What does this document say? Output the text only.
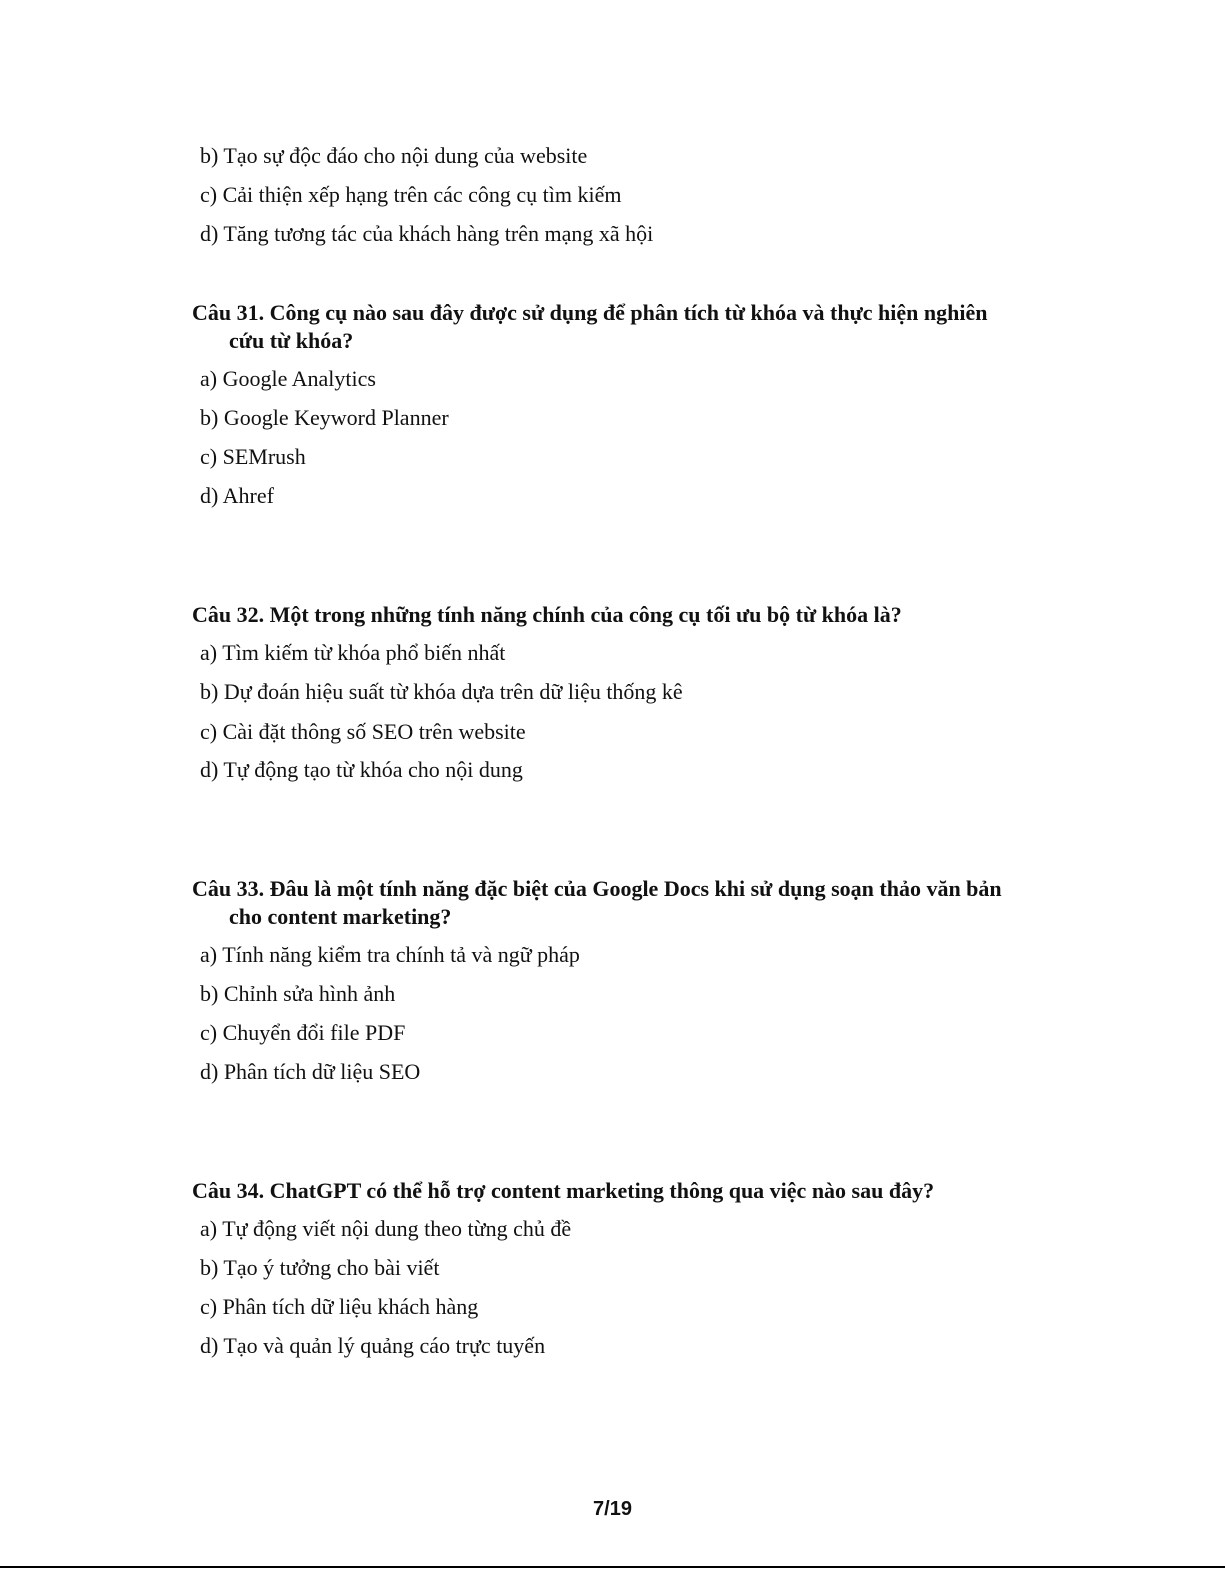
b) Tạo sự độc đáo cho nội dung của website
c) Cải thiện xếp hạng trên các công cụ tìm kiếm
d) Tăng tương tác của khách hàng trên mạng xã hội
Câu 31. Công cụ nào sau đây được sử dụng để phân tích từ khóa và thực hiện nghiên
cứu từ khóa?
a) Google Analytics
b) Google Keyword Planner
c) SEMrush
d) Ahref
Câu 32. Một trong những tính năng chính của công cụ tối ưu bộ từ khóa là?
a) Tìm kiếm từ khóa phổ biến nhất
b) Dự đoán hiệu suất từ khóa dựa trên dữ liệu thống kê
c) Cài đặt thông số SEO trên website
d) Tự động tạo từ khóa cho nội dung
Câu 33. Đâu là một tính năng đặc biệt của Google Docs khi sử dụng soạn thảo văn bản
cho content marketing?
a) Tính năng kiểm tra chính tả và ngữ pháp
b) Chỉnh sửa hình ảnh
c) Chuyển đổi file PDF
d) Phân tích dữ liệu SEO
Câu 34. ChatGPT có thể hỗ trợ content marketing thông qua việc nào sau đây?
a) Tự động viết nội dung theo từng chủ đề
b) Tạo ý tưởng cho bài viết
c) Phân tích dữ liệu khách hàng
d) Tạo và quản lý quảng cáo trực tuyến
7/19
